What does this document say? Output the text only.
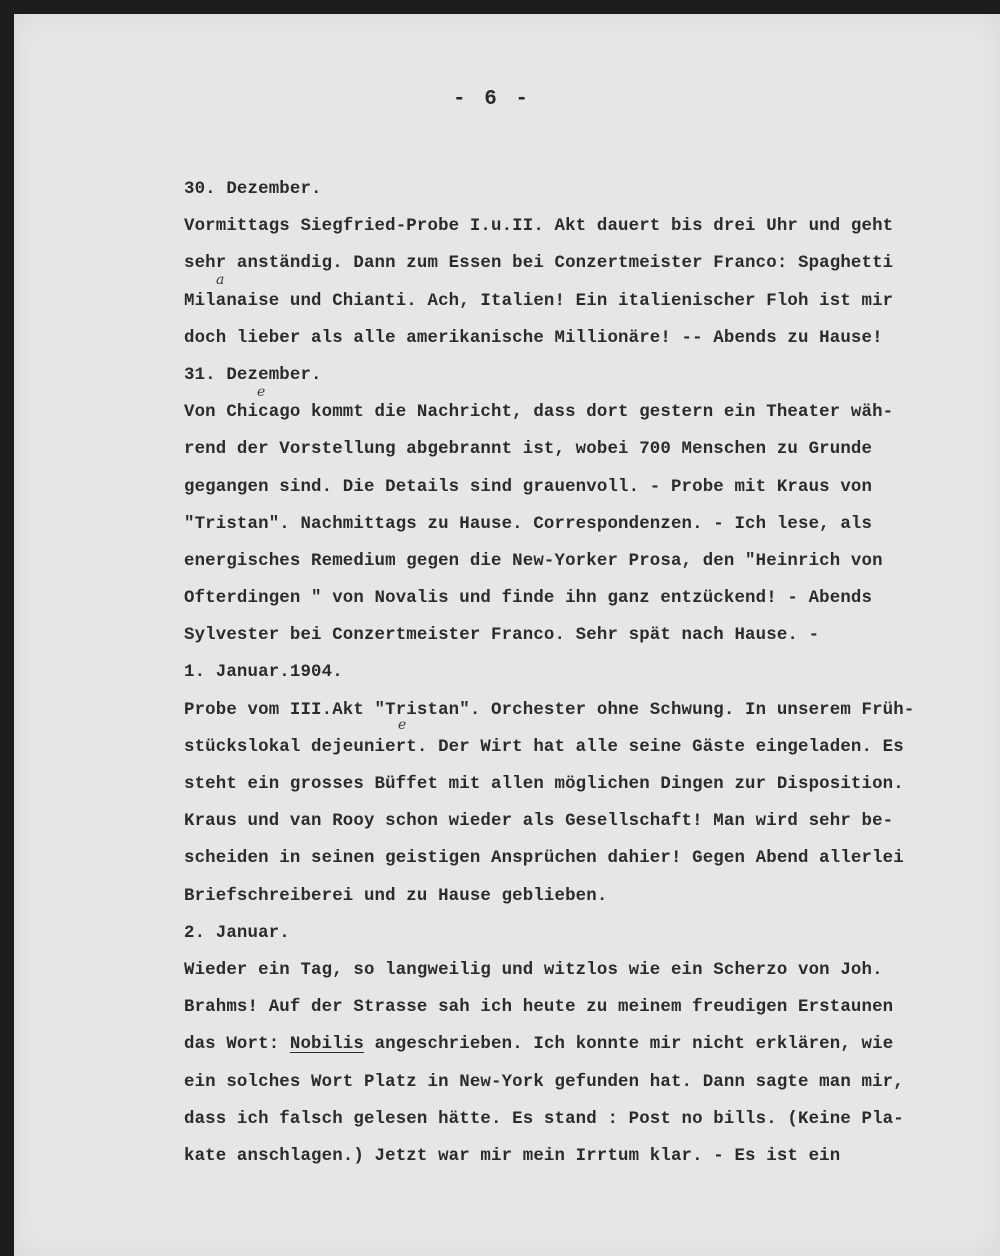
- 6 -
30. Dezember.
Vormittags Siegfried-Probe I.u.II. Akt dauert bis drei Uhr und geht
sehr anständig. Dann zum Essen bei Conzertmeister Franco: Spaghetti
Milanaise und Chianti. Ach, Italien! Ein italienischer Floh ist mir
doch lieber als alle amerikanische Millionäre! -- Abends zu Hause!
31. Dezember.
Von Chicago kommt die Nachricht, dass dort gestern ein Theater wäh-
rend der Vorstellung abgebrannt ist, wobei 700 Menschen zu Grunde
gegangen sind. Die Details sind grauenvoll. - Probe mit Kraus von
"Tristan". Nachmittags zu Hause. Correspondenzen. - Ich lese, als
energisches Remedium gegen die New-Yorker Prosa, den "Heinrich von
Ofterdingen " von Novalis und finde ihn ganz entzückend! - Abends
Sylvester bei Conzertmeister Franco. Sehr spät nach Hause. -
1. Januar.1904.
Probe vom III.Akt "Tristan". Orchester ohne Schwung. In unserem Früh-
stückslokal dejeuniert. Der Wirt hat alle seine Gäste eingeladen. Es
steht ein grosses Büffet mit allen möglichen Dingen zur Disposition.
Kraus und van Rooy schon wieder als Gesellschaft! Man wird sehr be-
scheiden in seinen geistigen Ansprüchen dahier! Gegen Abend allerlei
Briefschreiberei und zu Hause geblieben.
2. Januar.
Wieder ein Tag, so langweilig und witzlos wie ein Scherzo von Joh.
Brahms! Auf der Strasse sah ich heute zu meinem freudigen Erstaunen
das Wort: Nobilis angeschrieben. Ich konnte mir nicht erklären, wie
ein solches Wort Platz in New-York gefunden hat. Dann sagte man mir,
dass ich falsch gelesen hätte. Es stand : Post no bills. (Keine Pla-
kate anschlagen.) Jetzt war mir mein Irrtum klar. - Es ist ein
e
a
e
